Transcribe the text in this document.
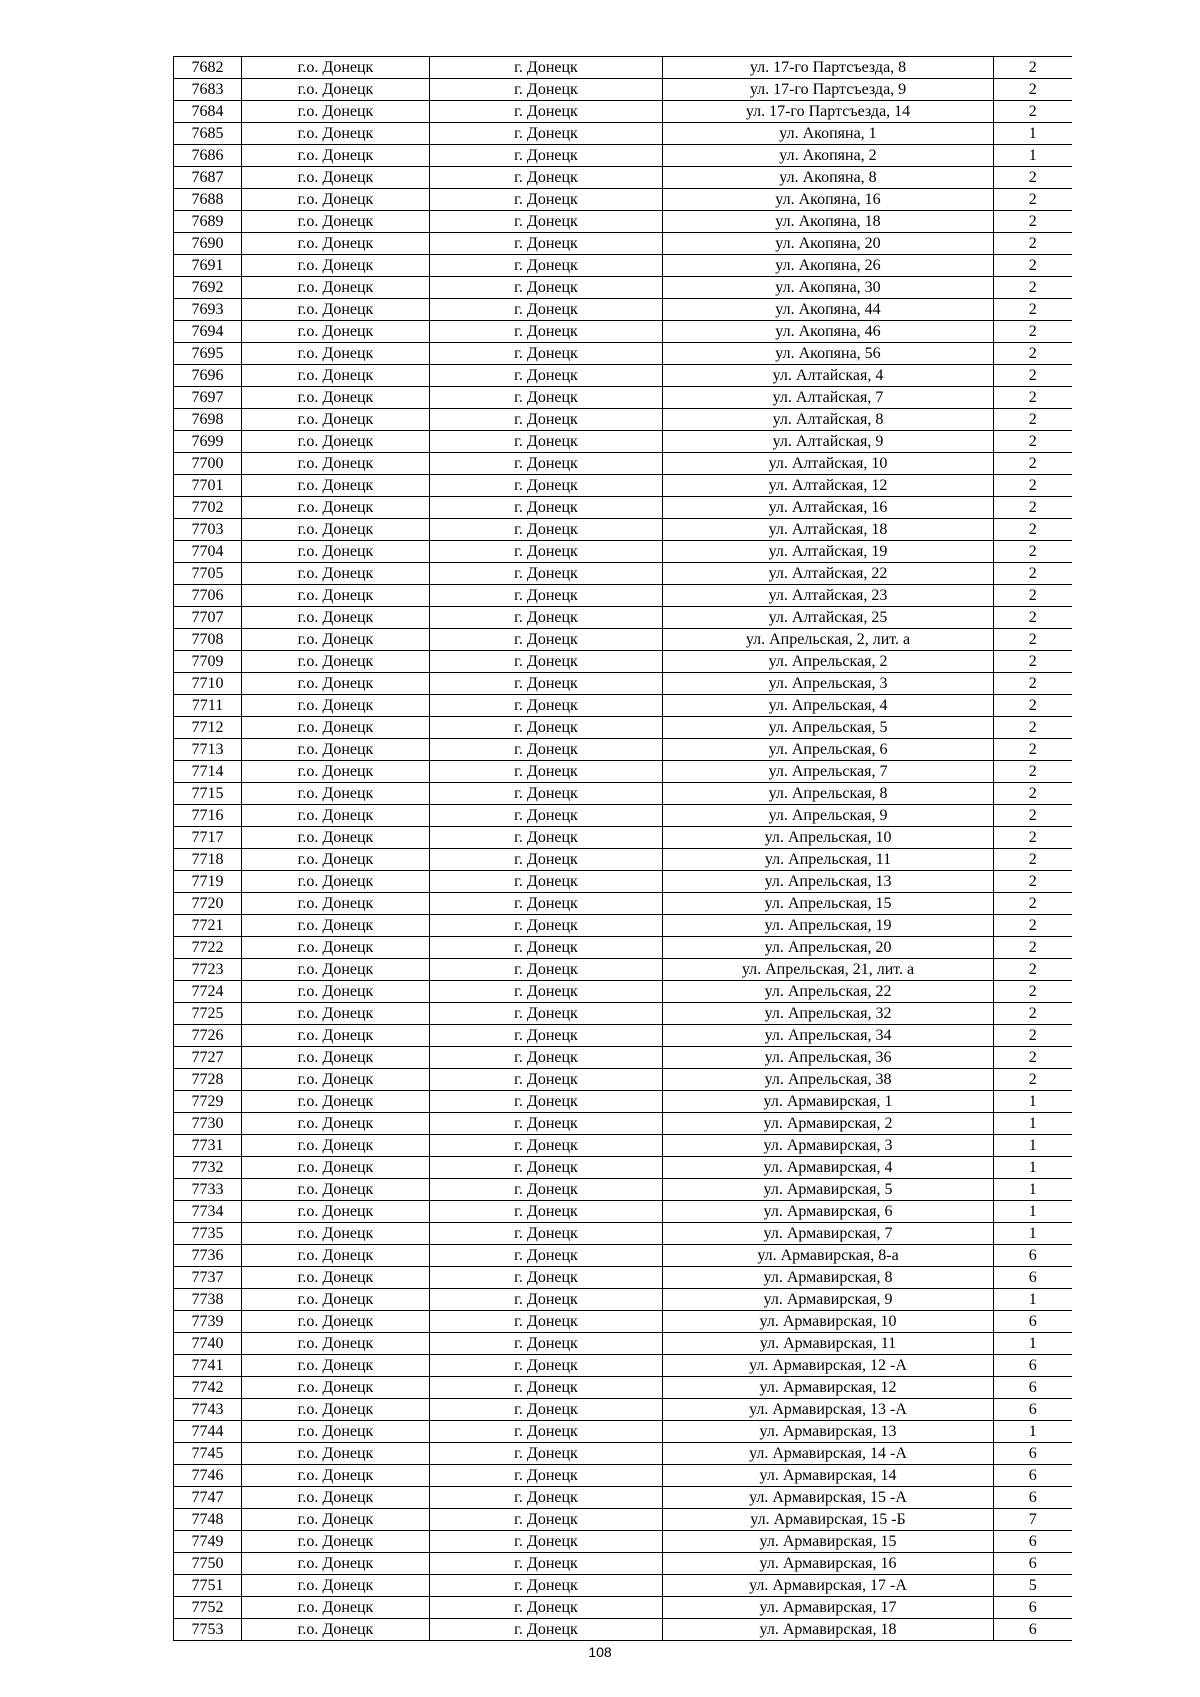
7682	г.о. Донецк	г. Донецк	ул. 17-го Партсъезда, 8	2
7683	г.о. Донецк	г. Донецк	ул. 17-го Партсъезда, 9	2
7684	г.о. Донецк	г. Донецк	ул. 17-го Партсъезда, 14	2
7685	г.о. Донецк	г. Донецк	ул. Акопяна, 1	1
7686	г.о. Донецк	г. Донецк	ул. Акопяна, 2	1
7687	г.о. Донецк	г. Донецк	ул. Акопяна, 8	2
7688	г.о. Донецк	г. Донецк	ул. Акопяна, 16	2
7689	г.о. Донецк	г. Донецк	ул. Акопяна, 18	2
7690	г.о. Донецк	г. Донецк	ул. Акопяна, 20	2
7691	г.о. Донецк	г. Донецк	ул. Акопяна, 26	2
7692	г.о. Донецк	г. Донецк	ул. Акопяна, 30	2
7693	г.о. Донецк	г. Донецк	ул. Акопяна, 44	2
7694	г.о. Донецк	г. Донецк	ул. Акопяна, 46	2
7695	г.о. Донецк	г. Донецк	ул. Акопяна, 56	2
7696	г.о. Донецк	г. Донецк	ул. Алтайская, 4	2
7697	г.о. Донецк	г. Донецк	ул. Алтайская, 7	2
7698	г.о. Донецк	г. Донецк	ул. Алтайская, 8	2
7699	г.о. Донецк	г. Донецк	ул. Алтайская, 9	2
7700	г.о. Донецк	г. Донецк	ул. Алтайская, 10	2
7701	г.о. Донецк	г. Донецк	ул. Алтайская, 12	2
7702	г.о. Донецк	г. Донецк	ул. Алтайская, 16	2
7703	г.о. Донецк	г. Донецк	ул. Алтайская, 18	2
7704	г.о. Донецк	г. Донецк	ул. Алтайская, 19	2
7705	г.о. Донецк	г. Донецк	ул. Алтайская, 22	2
7706	г.о. Донецк	г. Донецк	ул. Алтайская, 23	2
7707	г.о. Донецк	г. Донецк	ул. Алтайская, 25	2
7708	г.о. Донецк	г. Донецк	ул. Апрельская, 2, лит. а	2
7709	г.о. Донецк	г. Донецк	ул. Апрельская, 2	2
7710	г.о. Донецк	г. Донецк	ул. Апрельская, 3	2
7711	г.о. Донецк	г. Донецк	ул. Апрельская, 4	2
7712	г.о. Донецк	г. Донецк	ул. Апрельская, 5	2
7713	г.о. Донецк	г. Донецк	ул. Апрельская, 6	2
7714	г.о. Донецк	г. Донецк	ул. Апрельская, 7	2
7715	г.о. Донецк	г. Донецк	ул. Апрельская, 8	2
7716	г.о. Донецк	г. Донецк	ул. Апрельская, 9	2
7717	г.о. Донецк	г. Донецк	ул. Апрельская, 10	2
7718	г.о. Донецк	г. Донецк	ул. Апрельская, 11	2
7719	г.о. Донецк	г. Донецк	ул. Апрельская, 13	2
7720	г.о. Донецк	г. Донецк	ул. Апрельская, 15	2
7721	г.о. Донецк	г. Донецк	ул. Апрельская, 19	2
7722	г.о. Донецк	г. Донецк	ул. Апрельская, 20	2
7723	г.о. Донецк	г. Донецк	ул. Апрельская, 21, лит. а	2
7724	г.о. Донецк	г. Донецк	ул. Апрельская, 22	2
7725	г.о. Донецк	г. Донецк	ул. Апрельская, 32	2
7726	г.о. Донецк	г. Донецк	ул. Апрельская, 34	2
7727	г.о. Донецк	г. Донецк	ул. Апрельская, 36	2
7728	г.о. Донецк	г. Донецк	ул. Апрельская, 38	2
7729	г.о. Донецк	г. Донецк	ул. Армавирская, 1	1
7730	г.о. Донецк	г. Донецк	ул. Армавирская, 2	1
7731	г.о. Донецк	г. Донецк	ул. Армавирская, 3	1
7732	г.о. Донецк	г. Донецк	ул. Армавирская, 4	1
7733	г.о. Донецк	г. Донецк	ул. Армавирская, 5	1
7734	г.о. Донецк	г. Донецк	ул. Армавирская, 6	1
7735	г.о. Донецк	г. Донецк	ул. Армавирская, 7	1
7736	г.о. Донецк	г. Донецк	ул. Армавирская, 8-а	6
7737	г.о. Донецк	г. Донецк	ул. Армавирская, 8	6
7738	г.о. Донецк	г. Донецк	ул. Армавирская, 9	1
7739	г.о. Донецк	г. Донецк	ул. Армавирская, 10	6
7740	г.о. Донецк	г. Донецк	ул. Армавирская, 11	1
7741	г.о. Донецк	г. Донецк	ул. Армавирская, 12 -А	6
7742	г.о. Донецк	г. Донецк	ул. Армавирская, 12	6
7743	г.о. Донецк	г. Донецк	ул. Армавирская, 13 -А	6
7744	г.о. Донецк	г. Донецк	ул. Армавирская, 13	1
7745	г.о. Донецк	г. Донецк	ул. Армавирская, 14 -А	6
7746	г.о. Донецк	г. Донецк	ул. Армавирская, 14	6
7747	г.о. Донецк	г. Донецк	ул. Армавирская, 15 -А	6
7748	г.о. Донецк	г. Донецк	ул. Армавирская, 15 -Б	7
7749	г.о. Донецк	г. Донецк	ул. Армавирская, 15	6
7750	г.о. Донецк	г. Донецк	ул. Армавирская, 16	6
7751	г.о. Донецк	г. Донецк	ул. Армавирская, 17 -А	5
7752	г.о. Донецк	г. Донецк	ул. Армавирская, 17	6
7753	г.о. Донецк	г. Донецк	ул. Армавирская, 18	6
108
